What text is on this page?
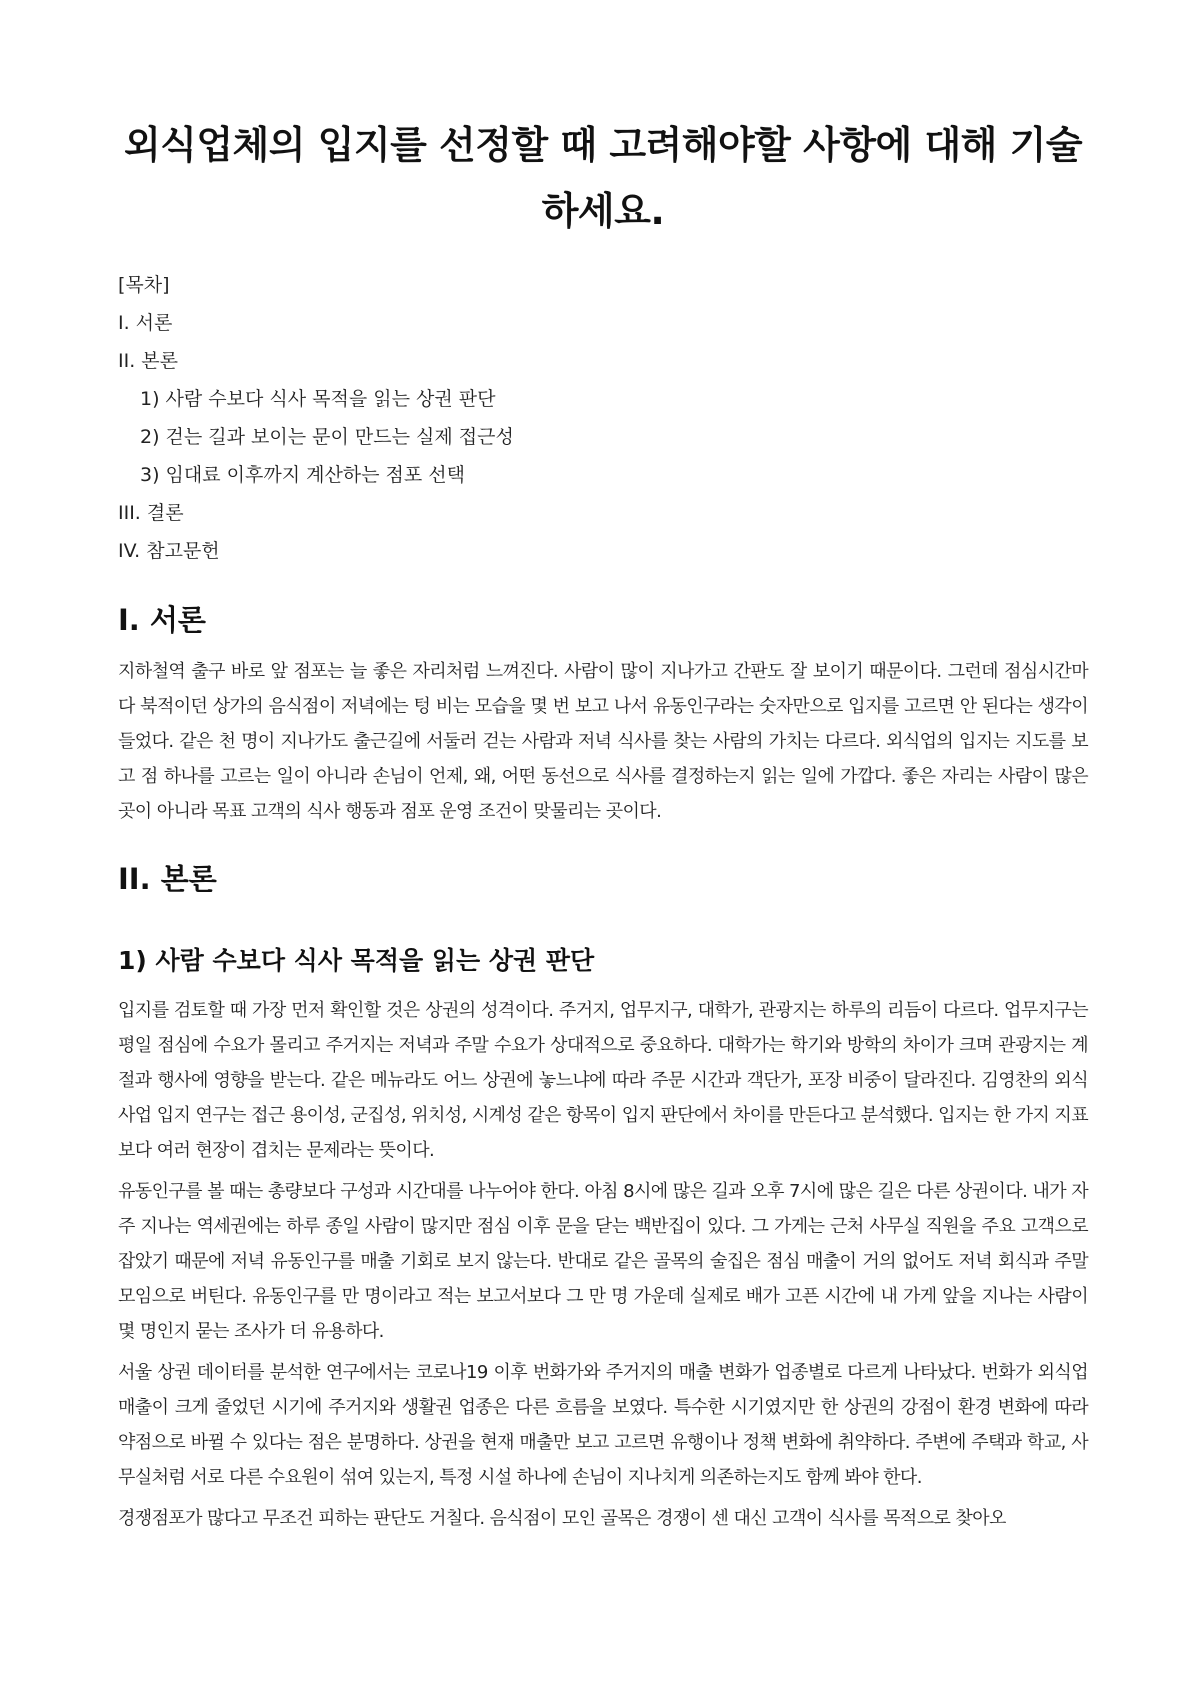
외식업체의 입지를 선정할 때 고려해야할 사항에 대해 기술하세요.
[목차]
I. 서론
II. 본론
1) 사람 수보다 식사 목적을 읽는 상권 판단
2) 걷는 길과 보이는 문이 만드는 실제 접근성
3) 임대료 이후까지 계산하는 점포 선택
III. 결론
IV. 참고문헌
I. 서론

지하철역 출구 바로 앞 점포는 늘 좋은 자리처럼 느껴진다. 사람이 많이 지나가고 간판도 잘 보이기 때문이다. 그런데 점심시간마다 북적이던 상가의 음식점이 저녁에는 텅 비는 모습을 몇 번 보고 나서 유동인구라는 숫자만으로 입지를 고르면 안 된다는 생각이 들었다. 같은 천 명이 지나가도 출근길에 서둘러 걷는 사람과 저녁 식사를 찾는 사람의 가치는 다르다. 외식업의 입지는 지도를 보고 점 하나를 고르는 일이 아니라 손님이 언제, 왜, 어떤 동선으로 식사를 결정하는지 읽는 일에 가깝다. 좋은 자리는 사람이 많은 곳이 아니라 목표 고객의 식사 행동과 점포 운영 조건이 맞물리는 곳이다.

II. 본론
1) 사람 수보다 식사 목적을 읽는 상권 판단

입지를 검토할 때 가장 먼저 확인할 것은 상권의 성격이다. 주거지, 업무지구, 대학가, 관광지는 하루의 리듬이 다르다. 업무지구는 평일 점심에 수요가 몰리고 주거지는 저녁과 주말 수요가 상대적으로 중요하다. 대학가는 학기와 방학의 차이가 크며 관광지는 계절과 행사에 영향을 받는다. 같은 메뉴라도 어느 상권에 놓느냐에 따라 주문 시간과 객단가, 포장 비중이 달라진다. 김영찬의 외식사업 입지 연구는 접근 용이성, 군집성, 위치성, 시계성 같은 항목이 입지 판단에서 차이를 만든다고 분석했다. 입지는 한 가지 지표보다 여러 현장이 겹치는 문제라는 뜻이다.

유동인구를 볼 때는 총량보다 구성과 시간대를 나누어야 한다. 아침 8시에 많은 길과 오후 7시에 많은 길은 다른 상권이다. 내가 자주 지나는 역세권에는 하루 종일 사람이 많지만 점심 이후 문을 닫는 백반집이 있다. 그 가게는 근처 사무실 직원을 주요 고객으로 잡았기 때문에 저녁 유동인구를 매출 기회로 보지 않는다. 반대로 같은 골목의 술집은 점심 매출이 거의 없어도 저녁 회식과 주말 모임으로 버틴다. 유동인구를 만 명이라고 적는 보고서보다 그 만 명 가운데 실제로 배가 고픈 시간에 내 가게 앞을 지나는 사람이 몇 명인지 묻는 조사가 더 유용하다.

서울 상권 데이터를 분석한 연구에서는 코로나19 이후 번화가와 주거지의 매출 변화가 업종별로 다르게 나타났다. 번화가 외식업 매출이 크게 줄었던 시기에 주거지와 생활권 업종은 다른 흐름을 보였다. 특수한 시기였지만 한 상권의 강점이 환경 변화에 따라 약점으로 바뀔 수 있다는 점은 분명하다. 상권을 현재 매출만 보고 고르면 유행이나 정책 변화에 취약하다. 주변에 주택과 학교, 사무실처럼 서로 다른 수요원이 섞여 있는지, 특정 시설 하나에 손님이 지나치게 의존하는지도 함께 봐야 한다.

경쟁점포가 많다고 무조건 피하는 판단도 거칠다. 음식점이 모인 골목은 경쟁이 센 대신 고객이 식사를 목적으로 찾아오
